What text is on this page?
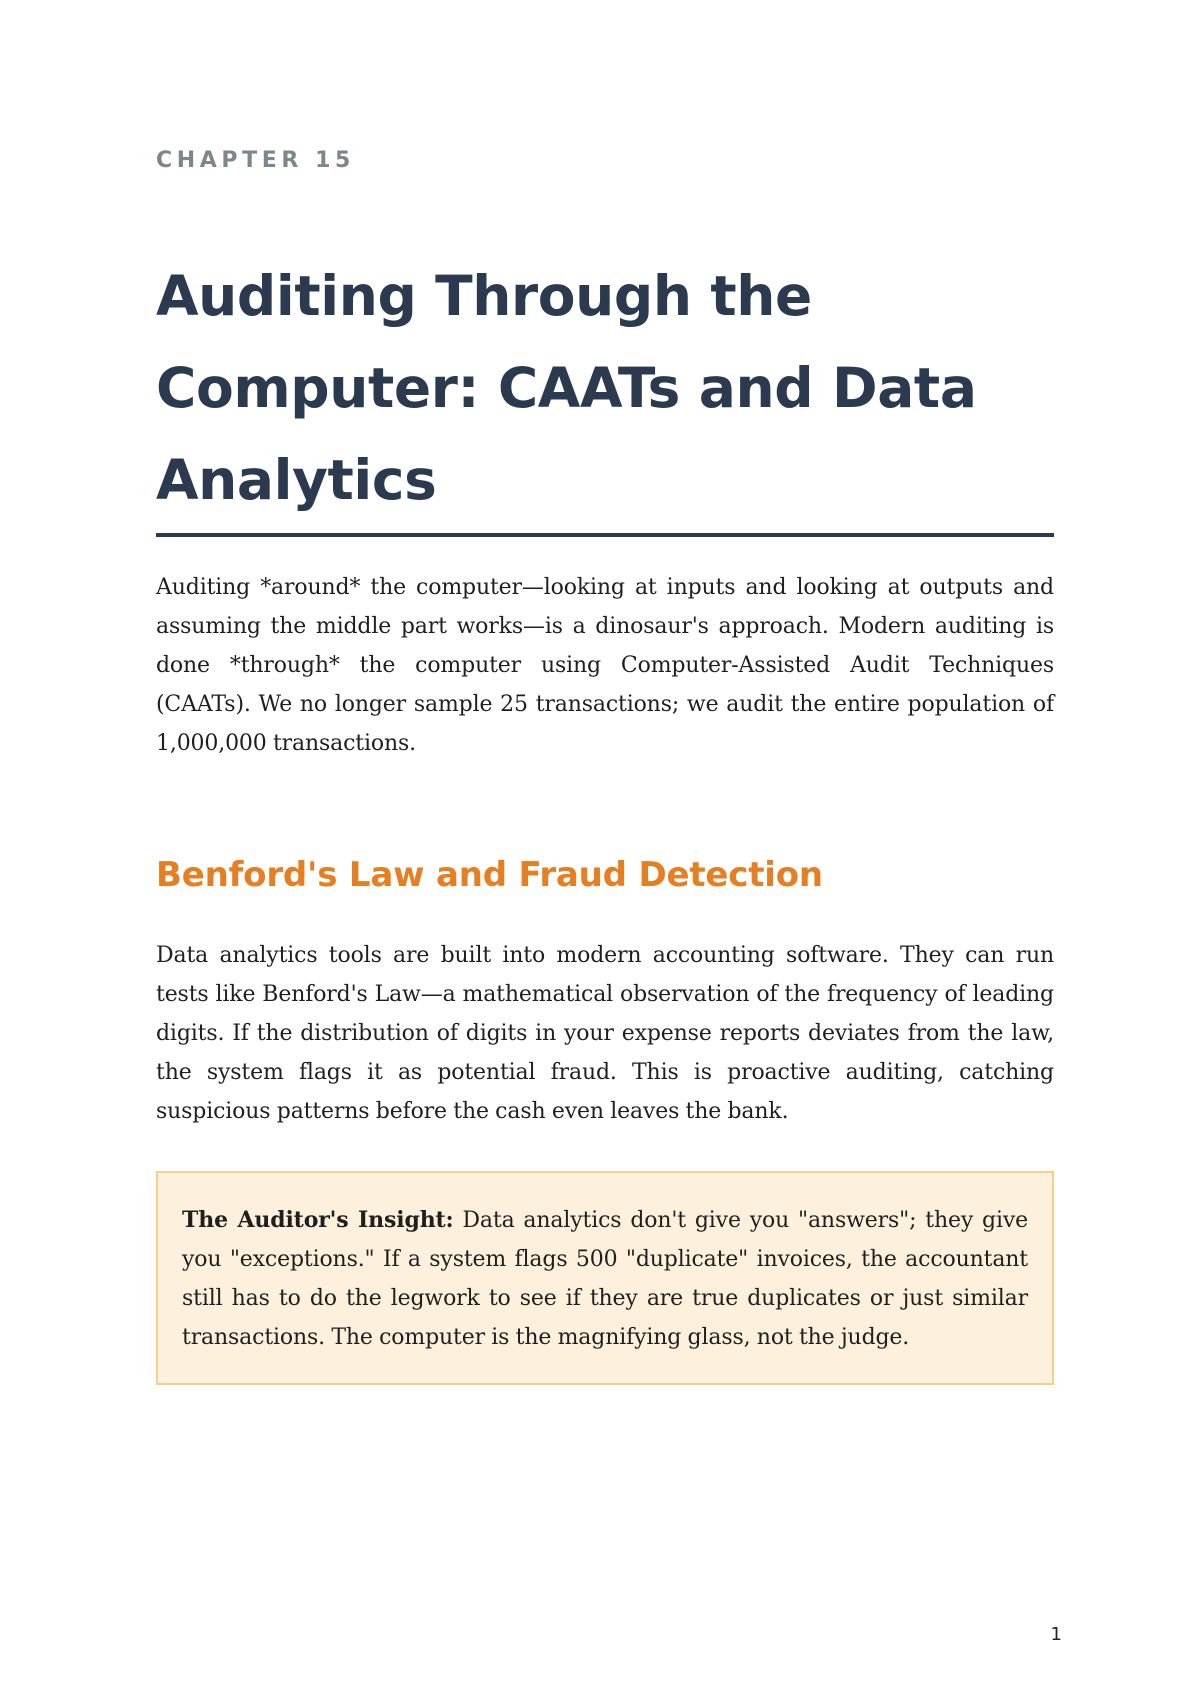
CHAPTER 15
Auditing Through the Computer: CAATs and Data Analytics

Auditing *around* the computer—looking at inputs and looking at outputs and assuming the middle part works—is a dinosaur's approach. Modern auditing is done *through* the computer using Computer-Assisted Audit Techniques (CAATs). We no longer sample 25 transactions; we audit the entire population of 1,000,000 transactions.

Benford's Law and Fraud Detection

Data analytics tools are built into modern accounting software. They can run tests like Benford's Law—a mathematical observation of the frequency of leading digits. If the distribution of digits in your expense reports deviates from the law, the system flags it as potential fraud. This is proactive auditing, catching suspicious patterns before the cash even leaves the bank.

The Auditor's Insight: Data analytics don't give you "answers"; they give you "exceptions." If a system flags 500 "duplicate" invoices, the accountant still has to do the legwork to see if they are true duplicates or just similar transactions. The computer is the magnifying glass, not the judge.

1
